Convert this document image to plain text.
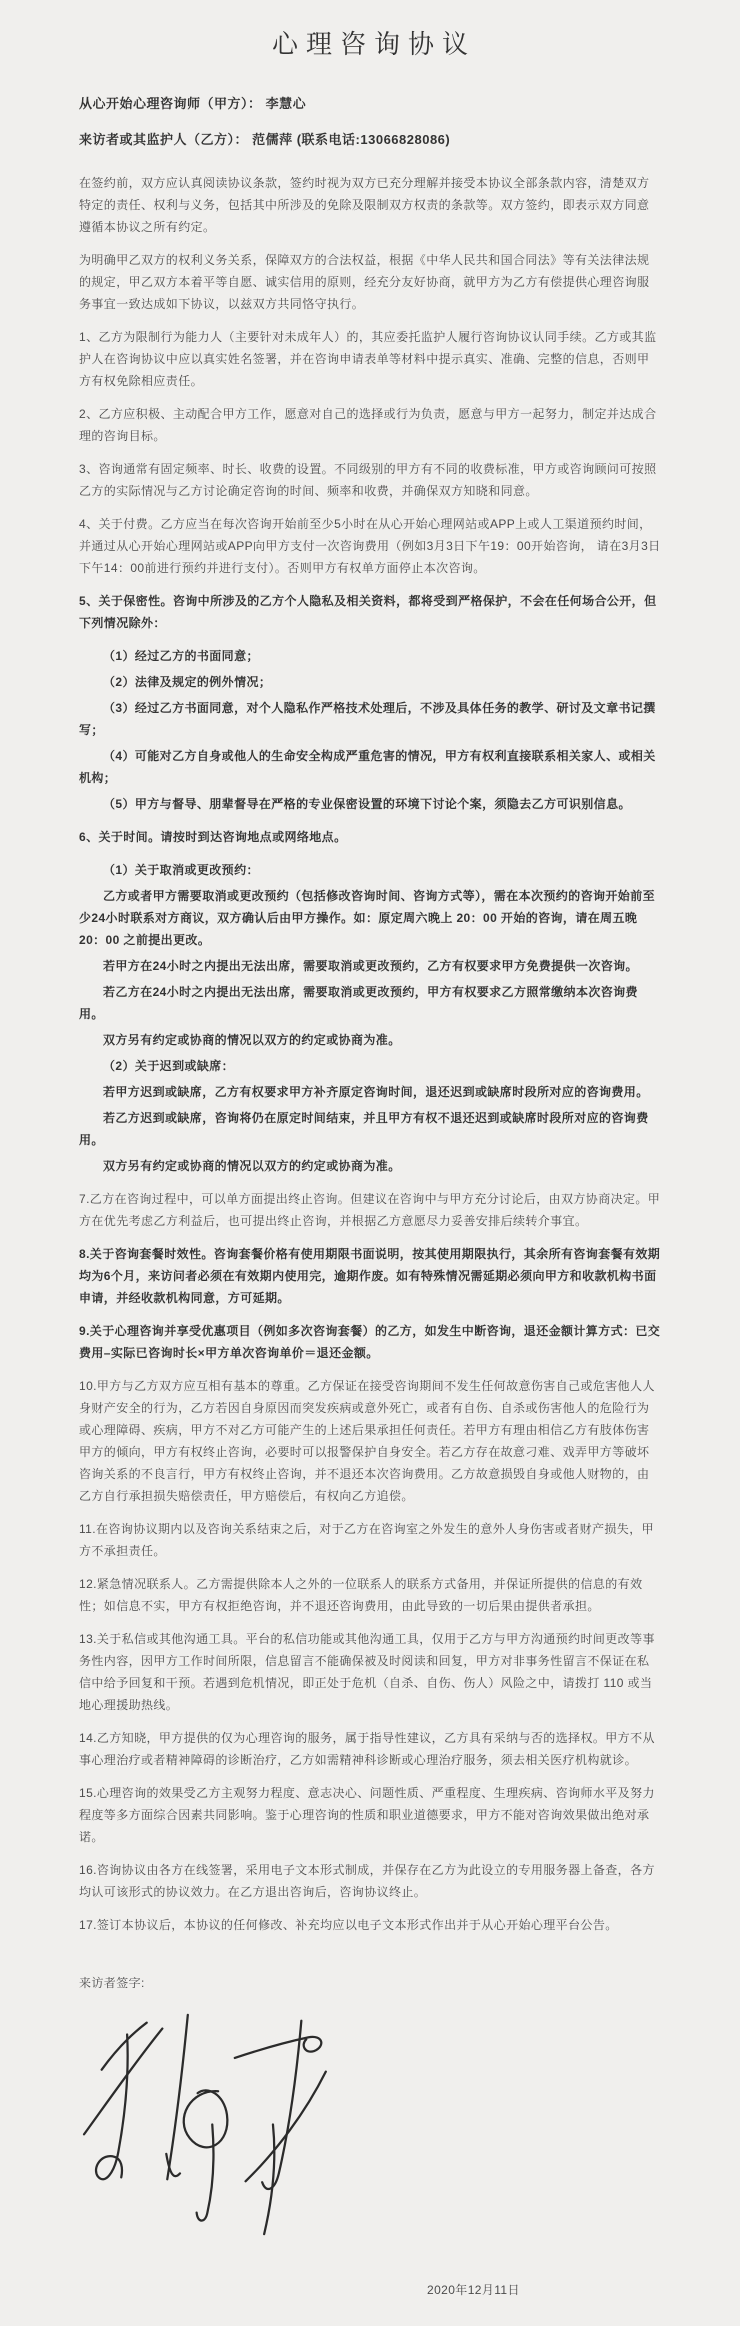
心理咨询协议
从心开始心理咨询师（甲方）： 李慧心
来访者或其监护人（乙方）： 范儒萍 (联系电话:13066828086)

在签约前，双方应认真阅读协议条款，签约时视为双方已充分理解并接受本协议全部条款内容，清楚双方特定的责任、权利与义务，包括其中所涉及的免除及限制双方权责的条款等。双方签约，即表示双方同意遵循本协议之所有约定。

为明确甲乙双方的权利义务关系，保障双方的合法权益，根据《中华人民共和国合同法》等有关法律法规的规定，甲乙双方本着平等自愿、诚实信用的原则，经充分友好协商，就甲方为乙方有偿提供心理咨询服务事宜一致达成如下协议，以兹双方共同恪守执行。

1、乙方为限制行为能力人（主要针对未成年人）的，其应委托监护人履行咨询协议认同手续。乙方或其监护人在咨询协议中应以真实姓名签署，并在咨询申请表单等材料中提示真实、准确、完整的信息，否则甲方有权免除相应责任。

2、乙方应积极、主动配合甲方工作，愿意对自己的选择或行为负责，愿意与甲方一起努力，制定并达成合理的咨询目标。

3、咨询通常有固定频率、时长、收费的设置。不同级别的甲方有不同的收费标准，甲方或咨询顾问可按照乙方的实际情况与乙方讨论确定咨询的时间、频率和收费，并确保双方知晓和同意。

4、关于付费。乙方应当在每次咨询开始前至少5小时在从心开始心理网站或APP上或人工渠道预约时间，并通过从心开始心理网站或APP向甲方支付一次咨询费用（例如3月3日下午19：00开始咨询， 请在3月3日下午14：00前进行预约并进行支付）。否则甲方有权单方面停止本次咨询。

5、关于保密性。咨询中所涉及的乙方个人隐私及相关资料，都将受到严格保护，不会在任何场合公开，但下列情况除外：

（1）经过乙方的书面同意；

（2）法律及规定的例外情况；

（3）经过乙方书面同意，对个人隐私作严格技术处理后，不涉及具体任务的教学、研讨及文章书记撰写；

（4）可能对乙方自身或他人的生命安全构成严重危害的情况，甲方有权利直接联系相关家人、或相关机构；

（5）甲方与督导、朋辈督导在严格的专业保密设置的环境下讨论个案，须隐去乙方可识别信息。

6、关于时间。请按时到达咨询地点或网络地点。

（1）关于取消或更改预约：

乙方或者甲方需要取消或更改预约（包括修改咨询时间、咨询方式等），需在本次预约的咨询开始前至少24小时联系对方商议，双方确认后由甲方操作。如：原定周六晚上 20：00 开始的咨询，请在周五晚 20：00 之前提出更改。

若甲方在24小时之内提出无法出席，需要取消或更改预约，乙方有权要求甲方免费提供一次咨询。

若乙方在24小时之内提出无法出席，需要取消或更改预约，甲方有权要求乙方照常缴纳本次咨询费用。

双方另有约定或协商的情况以双方的约定或协商为准。

（2）关于迟到或缺席：

若甲方迟到或缺席，乙方有权要求甲方补齐原定咨询时间，退还迟到或缺席时段所对应的咨询费用。

若乙方迟到或缺席，咨询将仍在原定时间结束，并且甲方有权不退还迟到或缺席时段所对应的咨询费用。

双方另有约定或协商的情况以双方的约定或协商为准。

7.乙方在咨询过程中，可以单方面提出终止咨询。但建议在咨询中与甲方充分讨论后，由双方协商决定。甲方在优先考虑乙方利益后，也可提出终止咨询，并根据乙方意愿尽力妥善安排后续转介事宜。

8.关于咨询套餐时效性。咨询套餐价格有使用期限书面说明，按其使用期限执行，其余所有咨询套餐有效期均为6个月，来访问者必须在有效期内使用完，逾期作废。如有特殊情况需延期必须向甲方和收款机构书面申请，并经收款机构同意，方可延期。

9.关于心理咨询并享受优惠项目（例如多次咨询套餐）的乙方，如发生中断咨询，退还金额计算方式：已交费用–实际已咨询时长×甲方单次咨询单价＝退还金额。

10.甲方与乙方双方应互相有基本的尊重。乙方保证在接受咨询期间不发生任何故意伤害自己或危害他人人身财产安全的行为，乙方若因自身原因而突发疾病或意外死亡，或者有自伤、自杀或伤害他人的危险行为或心理障碍、疾病，甲方不对乙方可能产生的上述后果承担任何责任。若甲方有理由相信乙方有肢体伤害甲方的倾向，甲方有权终止咨询，必要时可以报警保护自身安全。若乙方存在故意刁难、戏弄甲方等破坏咨询关系的不良言行，甲方有权终止咨询，并不退还本次咨询费用。乙方故意损毁自身或他人财物的，由乙方自行承担损失赔偿责任，甲方赔偿后，有权向乙方追偿。

11.在咨询协议期内以及咨询关系结束之后，对于乙方在咨询室之外发生的意外人身伤害或者财产损失，甲方不承担责任。

12.紧急情况联系人。乙方需提供除本人之外的一位联系人的联系方式备用，并保证所提供的信息的有效性；如信息不实，甲方有权拒绝咨询，并不退还咨询费用，由此导致的一切后果由提供者承担。

13.关于私信或其他沟通工具。平台的私信功能或其他沟通工具，仅用于乙方与甲方沟通预约时间更改等事务性内容，因甲方工作时间所限，信息留言不能确保被及时阅读和回复，甲方对非事务性留言不保证在私信中给予回复和干预。若遇到危机情况，即正处于危机（自杀、自伤、伤人）风险之中，请拨打 110 或当地心理援助热线。

14.乙方知晓，甲方提供的仅为心理咨询的服务，属于指导性建议，乙方具有采纳与否的选择权。甲方不从事心理治疗或者精神障碍的诊断治疗，乙方如需精神科诊断或心理治疗服务，须去相关医疗机构就诊。

15.心理咨询的效果受乙方主观努力程度、意志决心、问题性质、严重程度、生理疾病、咨询师水平及努力程度等多方面综合因素共同影响。鉴于心理咨询的性质和职业道德要求，甲方不能对咨询效果做出绝对承诺。

16.咨询协议由各方在线签署，采用电子文本形式制成，并保存在乙方为此设立的专用服务器上备查，各方均认可该形式的协议效力。在乙方退出咨询后，咨询协议终止。

17.签订本协议后，本协议的任何修改、补充均应以电子文本形式作出并于从心开始心理平台公告。

来访者签字:
2020年12月11日
